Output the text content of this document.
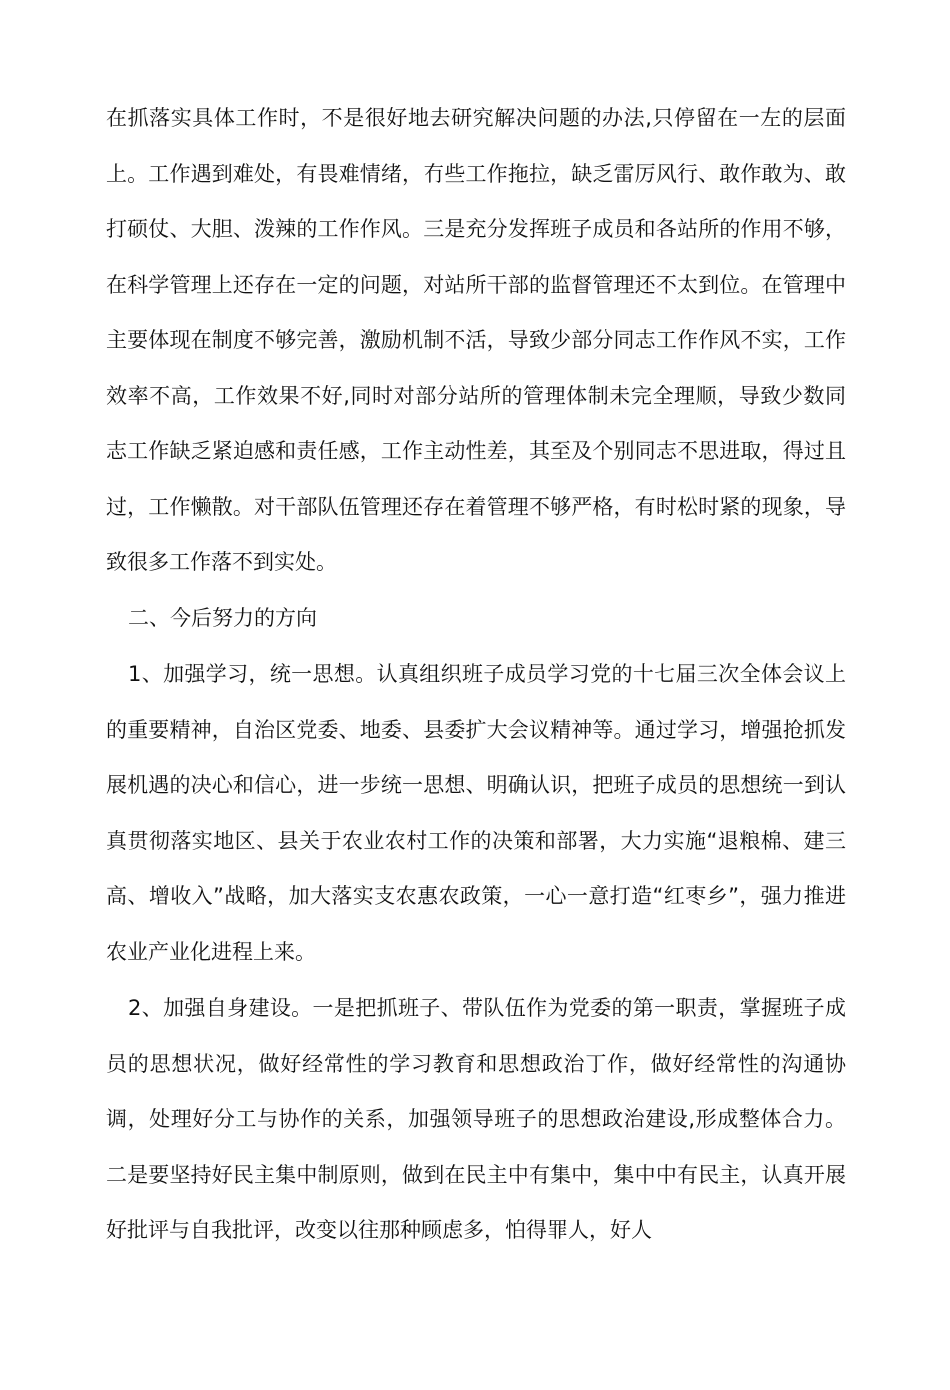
在抓落实具体工作时，不是很好地去研究解决问题的办法,只停留在一左的层面上。工作遇到难处，有畏难情绪，冇些工作拖拉，缺乏雷厉风行、敢作敢为、敢打硕仗、大胆、泼辣的工作作风。三是充分发挥班子成员和各站所的作用不够，在科学管理上还存在一定的问题，对站所干部的监督管理还不太到位。在管理中主要体现在制度不够完善，激励机制不活，导致少部分同志工作作风不实，工作效率不高，工作效果不好,同时对部分站所的管理体制未完全理顺，导致少数同志工作缺乏紧迫感和责任感，工作主动性差，其至及个别同志不思进取，得过且过，工作懒散。对干部队伍管理还存在着管理不够严格，有时松时紧的现象，导致很多工作落不到实处。

二、今后努力的方向

1、加强学习，统一思想。认真组织班子成员学习党的十七届三次全体会议上的重要精神，自治区党委、地委、县委扩大会议精神等。通过学习，增强抢抓发展机遇的决心和信心，进一步统一思想、明确认识，把班子成员的思想统一到认真贯彻落实地区、县关于农业农村工作的决策和部署，大力实施“退粮棉、建三高、增收入”战略，加大落实支农惠农政策，一心一意打造“红枣乡”，强力推进农业产业化进程上来。

2、加强自身建设。一是把抓班子、带队伍作为党委的第一职责，掌握班子成员的思想状况，做好经常性的学习教育和思想政治丁作，做好经常性的沟通协调，处理好分工与协作的关系，加强领导班子的思想政治建设,形成整体合力。二是要坚持好民主集中制原则，做到在民主中有集中，集中中有民主，认真开展好批评与自我批评，改变以往那种顾虑多，怕得罪人，好人
